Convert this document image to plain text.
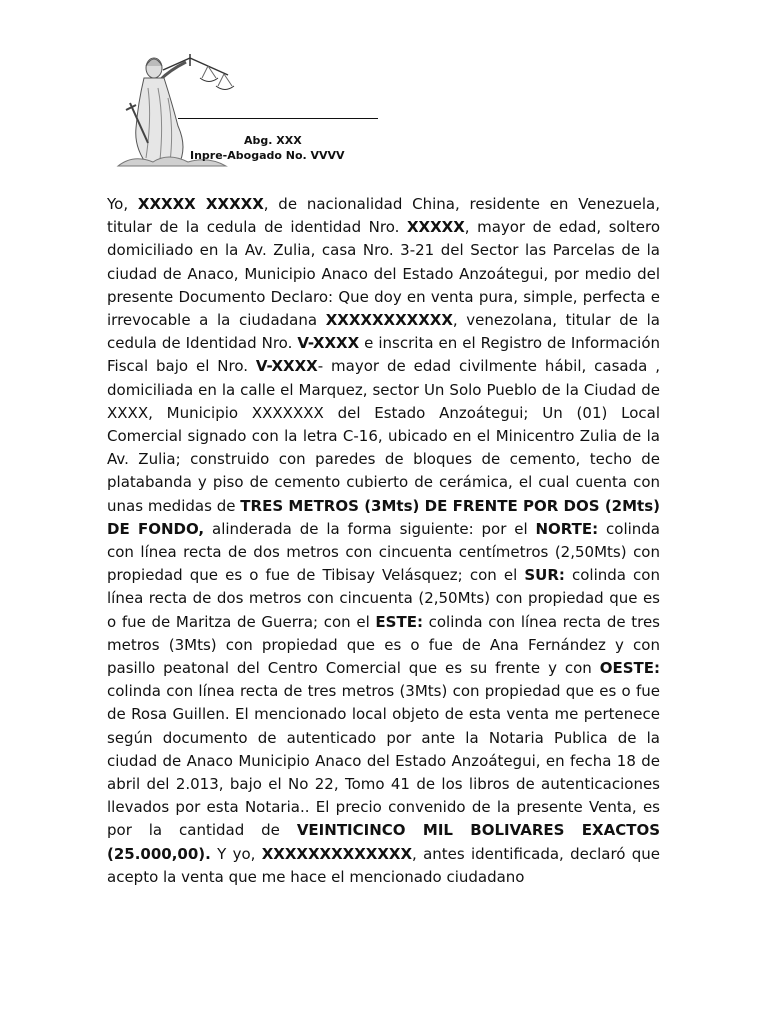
Abg. XXX
Inpre-Abogado No. VVVV
Yo, XXXXX XXXXX, de nacionalidad China, residente en Venezuela, titular de la cedula de identidad Nro. XXXXX, mayor de edad, soltero domiciliado en la Av. Zulia, casa Nro. 3-21 del Sector las Parcelas de la ciudad de Anaco, Municipio Anaco del Estado Anzoátegui, por medio del presente Documento Declaro: Que doy en venta pura, simple, perfecta e irrevocable a la ciudadana XXXXXXXXXXX, venezolana, titular de la cedula de Identidad Nro. V-XXXX e inscrita en el Registro de Información Fiscal bajo el Nro. V-XXXX- mayor de edad civilmente hábil, casada , domiciliada en la calle el Marquez, sector Un Solo Pueblo de la Ciudad de XXXX, Municipio XXXXXXX del Estado Anzoátegui; Un (01) Local Comercial signado con la letra C-16, ubicado en el Minicentro Zulia de la Av. Zulia; construido con paredes de bloques de cemento, techo de platabanda y piso de cemento cubierto de cerámica, el cual cuenta con unas medidas de TRES METROS (3Mts) DE FRENTE POR DOS (2Mts) DE FONDO, alinderada de la forma siguiente: por el NORTE: colinda con línea recta de dos metros con cincuenta centímetros (2,50Mts) con propiedad que es o fue de Tibisay Velásquez; con el SUR: colinda con línea recta de dos metros con cincuenta (2,50Mts) con propiedad que es o fue de Maritza de Guerra; con el ESTE: colinda con línea recta de tres metros (3Mts) con propiedad que es o fue de Ana Fernández y con pasillo peatonal del Centro Comercial que es su frente y con OESTE: colinda con línea recta de tres metros (3Mts) con propiedad que es o fue de Rosa Guillen. El mencionado local objeto de esta venta me pertenece según documento de autenticado por ante la Notaria Publica de la ciudad de Anaco Municipio Anaco del Estado Anzoátegui, en fecha 18 de abril del 2.013, bajo el No 22, Tomo 41 de los libros de autenticaciones llevados por esta Notaria.. El precio convenido de la presente Venta, es por la cantidad de VEINTICINCO MIL BOLIVARES EXACTOS (25.000,00). Y yo, XXXXXXXXXXXXX, antes identificada, declaró que acepto la venta que me hace el mencionado ciudadano
